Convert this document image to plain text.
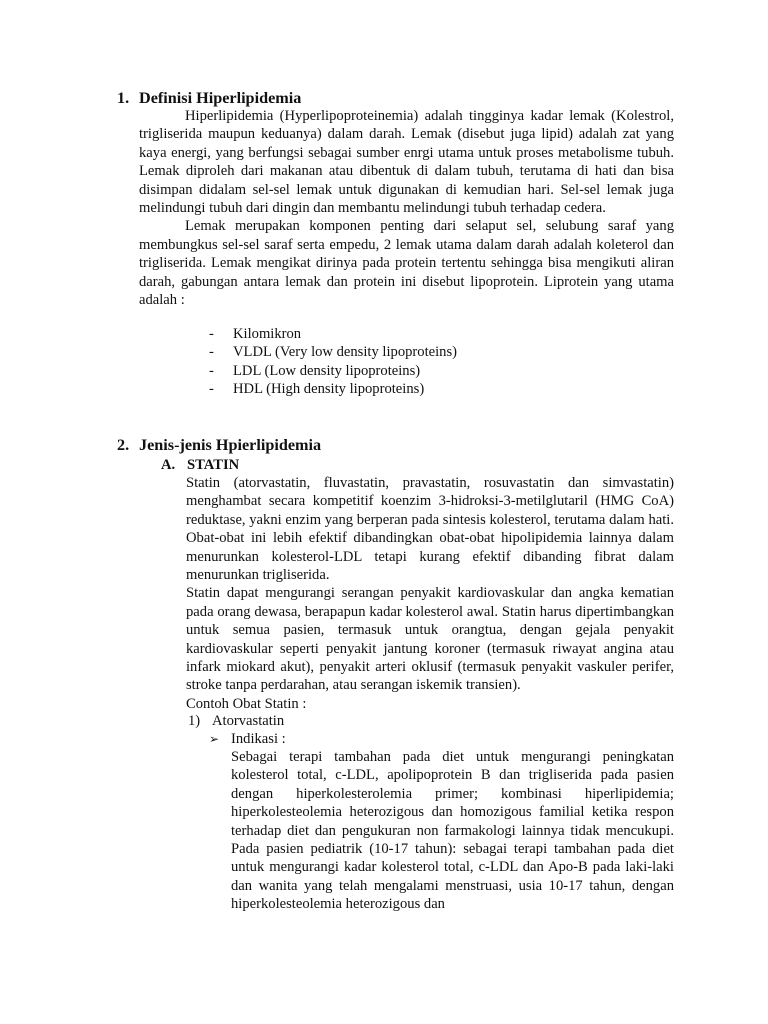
1. Definisi Hiperlipidemia

Hiperlipidemia (Hyperlipoproteinemia) adalah tingginya kadar lemak (Kolestrol, trigliserida maupun keduanya) dalam darah. Lemak (disebut juga lipid) adalah zat yang kaya energi, yang berfungsi sebagai sumber enrgi utama untuk proses metabolisme tubuh. Lemak diproleh dari makanan atau dibentuk di dalam tubuh, terutama di hati dan bisa disimpan didalam sel-sel lemak untuk digunakan di kemudian hari. Sel-sel lemak juga melindungi tubuh dari dingin dan membantu melindungi tubuh terhadap cedera.

Lemak merupakan komponen penting dari selaput sel, selubung saraf yang membungkus sel-sel saraf serta empedu, 2 lemak utama dalam darah adalah koleterol dan trigliserida. Lemak mengikat dirinya pada protein tertentu sehingga bisa mengikuti aliran darah, gabungan antara lemak dan protein ini disebut lipoprotein. Liprotein yang utama adalah :

- Kilomikron
- VLDL (Very low density lipoproteins)
- LDL (Low density lipoproteins)
- HDL (High density lipoproteins)
2. Jenis-jenis Hpierlipidemia
A. STATIN

Statin (atorvastatin, fluvastatin, pravastatin, rosuvastatin dan simvastatin) menghambat secara kompetitif koenzim 3-hidroksi-3-metilglutaril (HMG CoA) reduktase, yakni enzim yang berperan pada sintesis kolesterol, terutama dalam hati. Obat-obat ini lebih efektif dibandingkan obat-obat hipolipidemia lainnya dalam menurunkan kolesterol-LDL tetapi kurang efektif dibanding fibrat dalam menurunkan trigliserida.

Statin dapat mengurangi serangan penyakit kardiovaskular dan angka kematian pada orang dewasa, berapapun kadar kolesterol awal. Statin harus dipertimbangkan untuk semua pasien, termasuk untuk orangtua, dengan gejala penyakit kardiovaskular seperti penyakit jantung koroner (termasuk riwayat angina atau infark miokard akut), penyakit arteri oklusif (termasuk penyakit vaskuler perifer, stroke tanpa perdarahan, atau serangan iskemik transien).

Contoh Obat Statin :

1) Atorvastatin
➢ Indikasi :

Sebagai terapi tambahan pada diet untuk mengurangi peningkatan kolesterol total, c-LDL, apolipoprotein B dan trigliserida pada pasien dengan hiperkolesterolemia primer; kombinasi hiperlipidemia; hiperkolesteolemia heterozigous dan homozigous familial ketika respon terhadap diet dan pengukuran non farmakologi lainnya tidak mencukupi. Pada pasien pediatrik (10-17 tahun): sebagai terapi tambahan pada diet untuk mengurangi kadar kolesterol total, c-LDL dan Apo-B pada laki-laki dan wanita yang telah mengalami menstruasi, usia 10-17 tahun, dengan hiperkolesteolemia heterozigous dan
